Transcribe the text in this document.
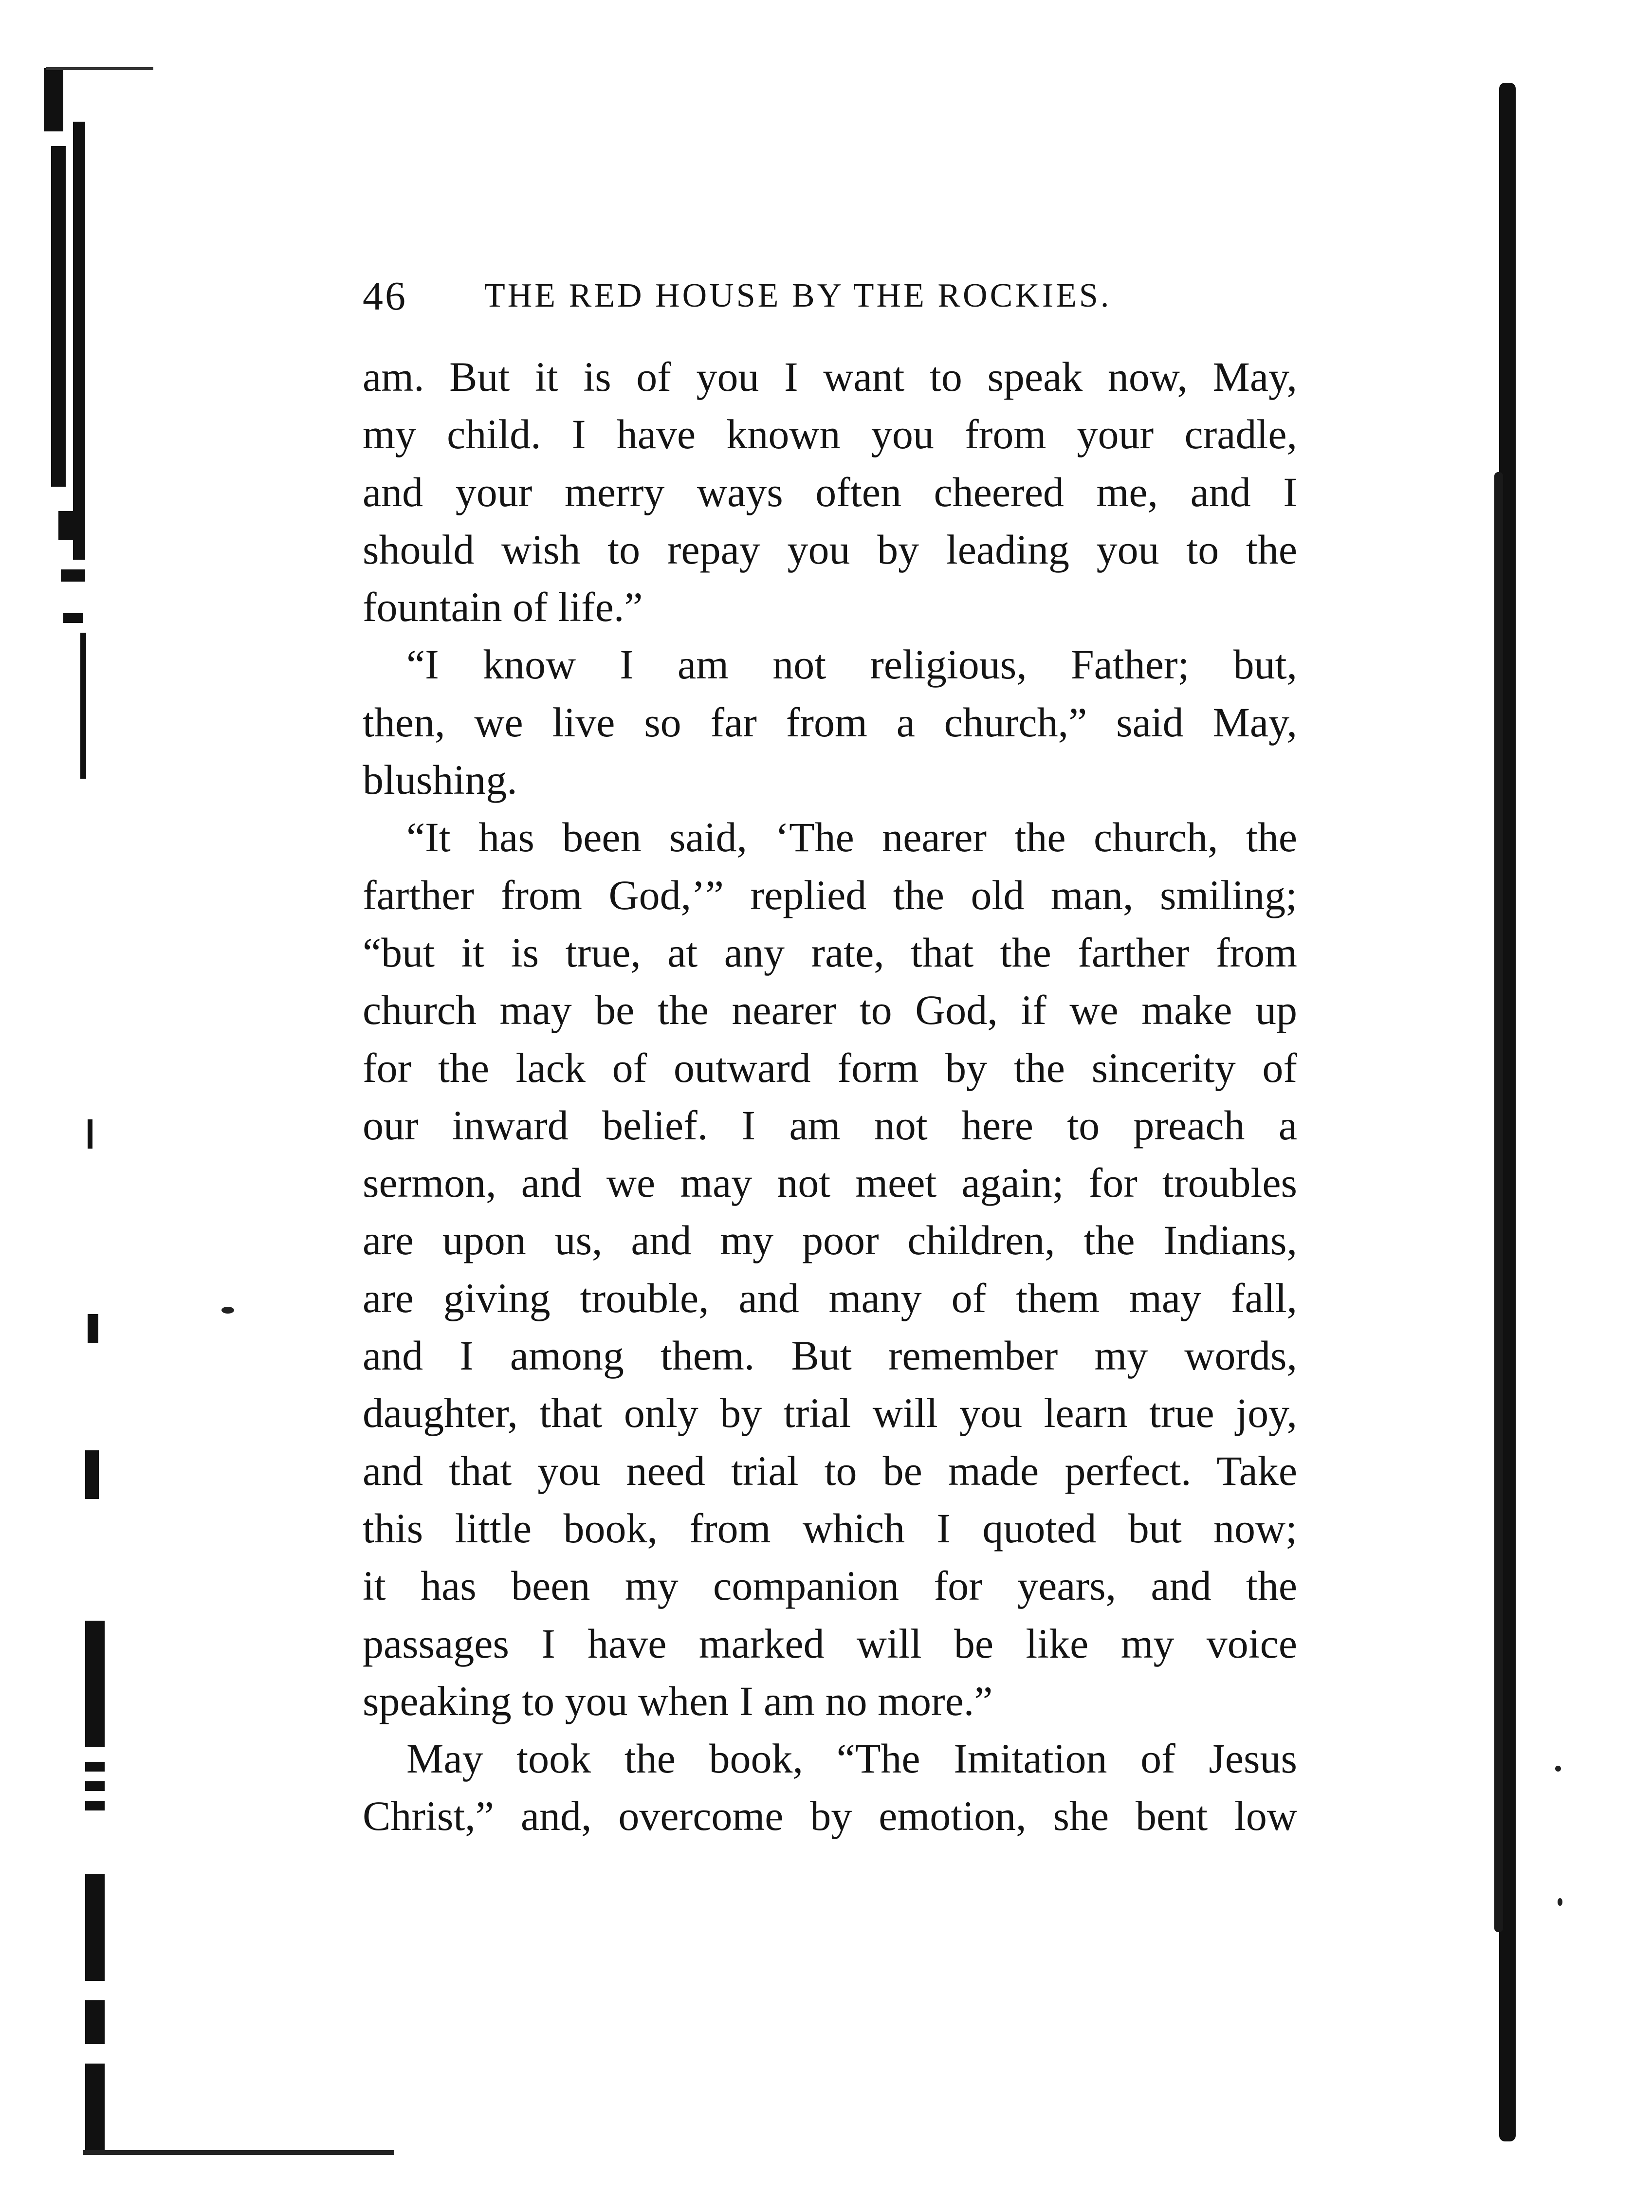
46 THE RED HOUSE BY THE ROCKIES.
am. But it is of you I want to speak now, May,
my child. I have known you from your cradle,
and your merry ways often cheered me, and I
should wish to repay you by leading you to the
fountain of life.”
“I know I am not religious, Father; but,
then, we live so far from a church,” said May,
blushing.
“It has been said, ‘The nearer the church, the
farther from God,’” replied the old man, smiling;
“but it is true, at any rate, that the farther from
church may be the nearer to God, if we make up
for the lack of outward form by the sincerity of
our inward belief. I am not here to preach a
sermon, and we may not meet again; for troubles
are upon us, and my poor children, the Indians,
are giving trouble, and many of them may fall,
and I among them. But remember my words,
daughter, that only by trial will you learn true joy,
and that you need trial to be made perfect. Take
this little book, from which I quoted but now;
it has been my companion for years, and the
passages I have marked will be like my voice
speaking to you when I am no more.”
May took the book, “The Imitation of Jesus
Christ,” and, overcome by emotion, she bent low
